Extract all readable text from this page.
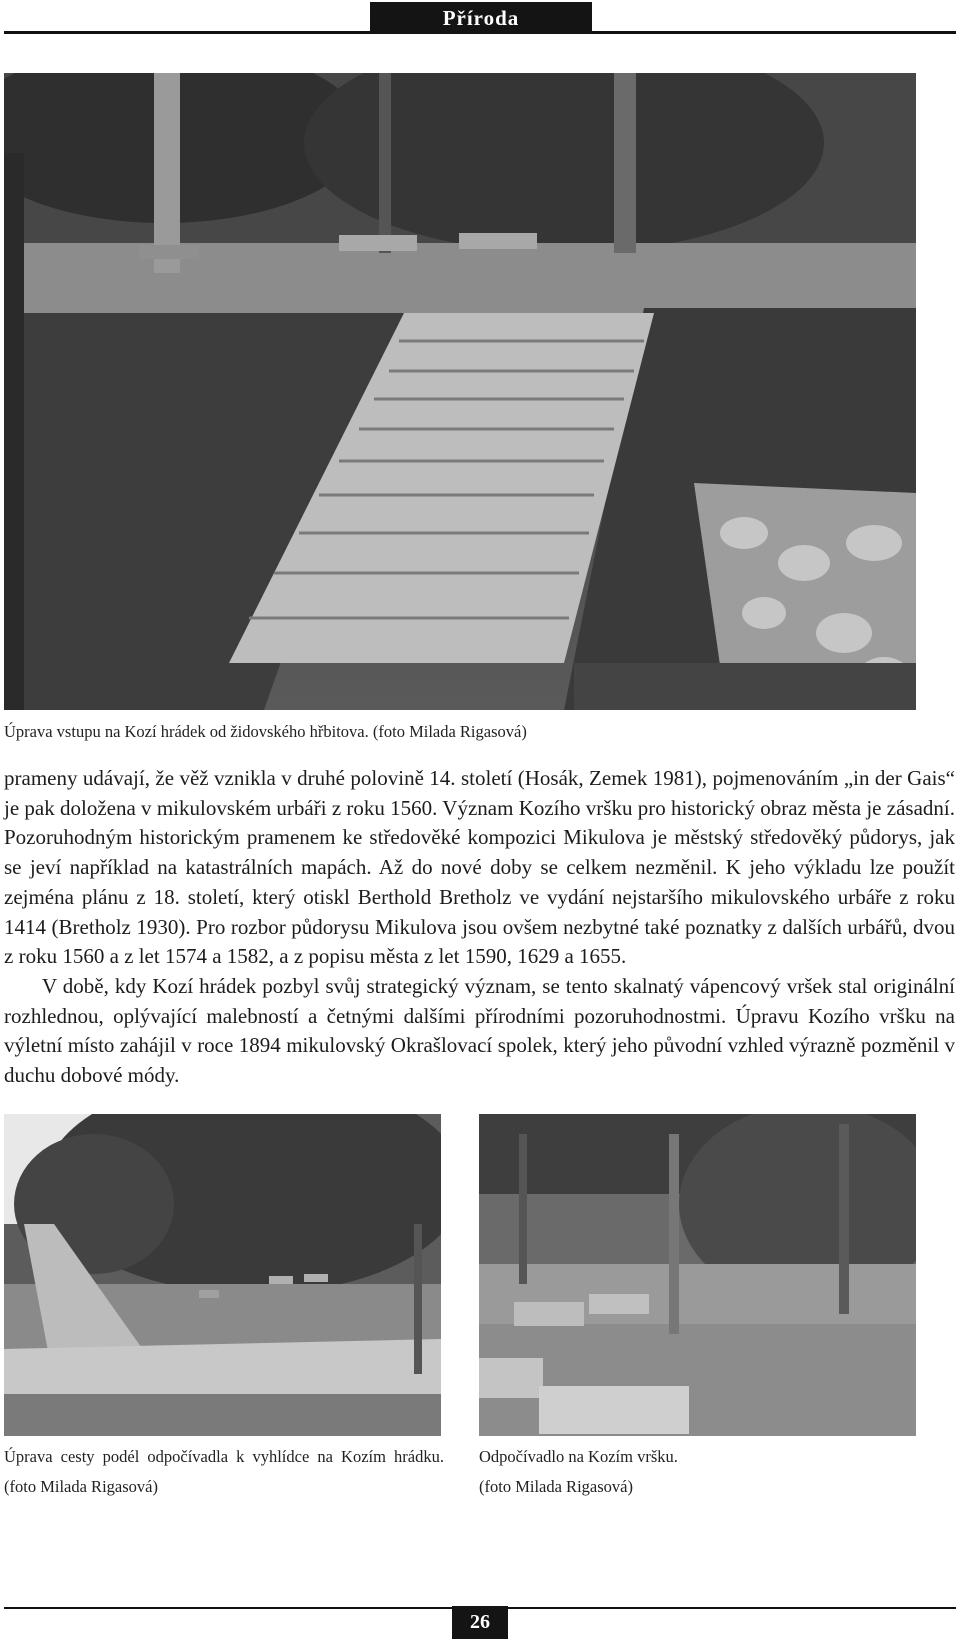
Příroda
Úprava vstupu na Kozí hrádek od židovského hřbitova. (foto Milada Rigasová)

prameny udávají, že věž vznikla v druhé polovině 14. století (Hosák, Zemek 1981), pojmenováním „in der Gais“ je pak doložena v mikulovském urbáři z roku 1560. Význam Kozího vršku pro historický obraz města je zásadní. Pozoruhodným historickým pramenem ke středověké kompozici Mikulova je městský středověký půdorys, jak se jeví například na katastrálních mapách. Až do nové doby se celkem nezměnil. K jeho výkladu lze použít zejména plánu z 18. století, který otiskl Berthold Bretholz ve vydání nejstaršího mikulovského urbáře z roku 1414 (Bretholz 1930). Pro rozbor půdorysu Mikulova jsou ovšem nezbytné také poznatky z dalších urbářů, dvou z roku 1560 a z let 1574 a 1582, a z popisu města z let 1590, 1629 a 1655.

V době, kdy Kozí hrádek pozbyl svůj strategický význam, se tento skalnatý vápencový vršek stal originální rozhlednou, oplývající malebností a četnými dalšími přírodními pozoruhodnostmi. Úpravu Kozího vršku na výletní místo zahájil v roce 1894 mikulovský Okrašlovací spolek, který jeho původní vzhled výrazně pozměnil v duchu dobové módy.

Úprava cesty podél odpočívadla k vyhlídce na Kozím hrádku. (foto Milada Rigasová)
Odpočívadlo na Kozím vršku.
(foto Milada Rigasová)
26
